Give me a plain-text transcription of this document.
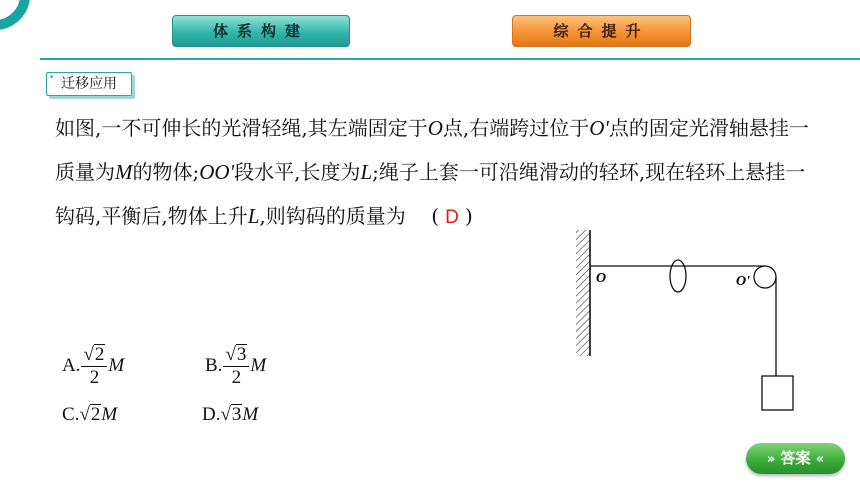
体系构建	综合提升
• 迁移应用

如图,一不可伸长的光滑轻绳,其左端固定于O点,右端跨过位于O'点的固定光滑轴悬挂一质量为M的物体;OO'段水平,长度为L;绳子上套一可沿绳滑动的轻环,现在轻环上悬挂一钩码,平衡后,物体上升L,则钩码的质量为 ( D )

O	O'
A. $\frac{√2}{2}$ M	B. $\frac{√3}{2}$ M
C.√2M	D.√3M
» 答案 «
